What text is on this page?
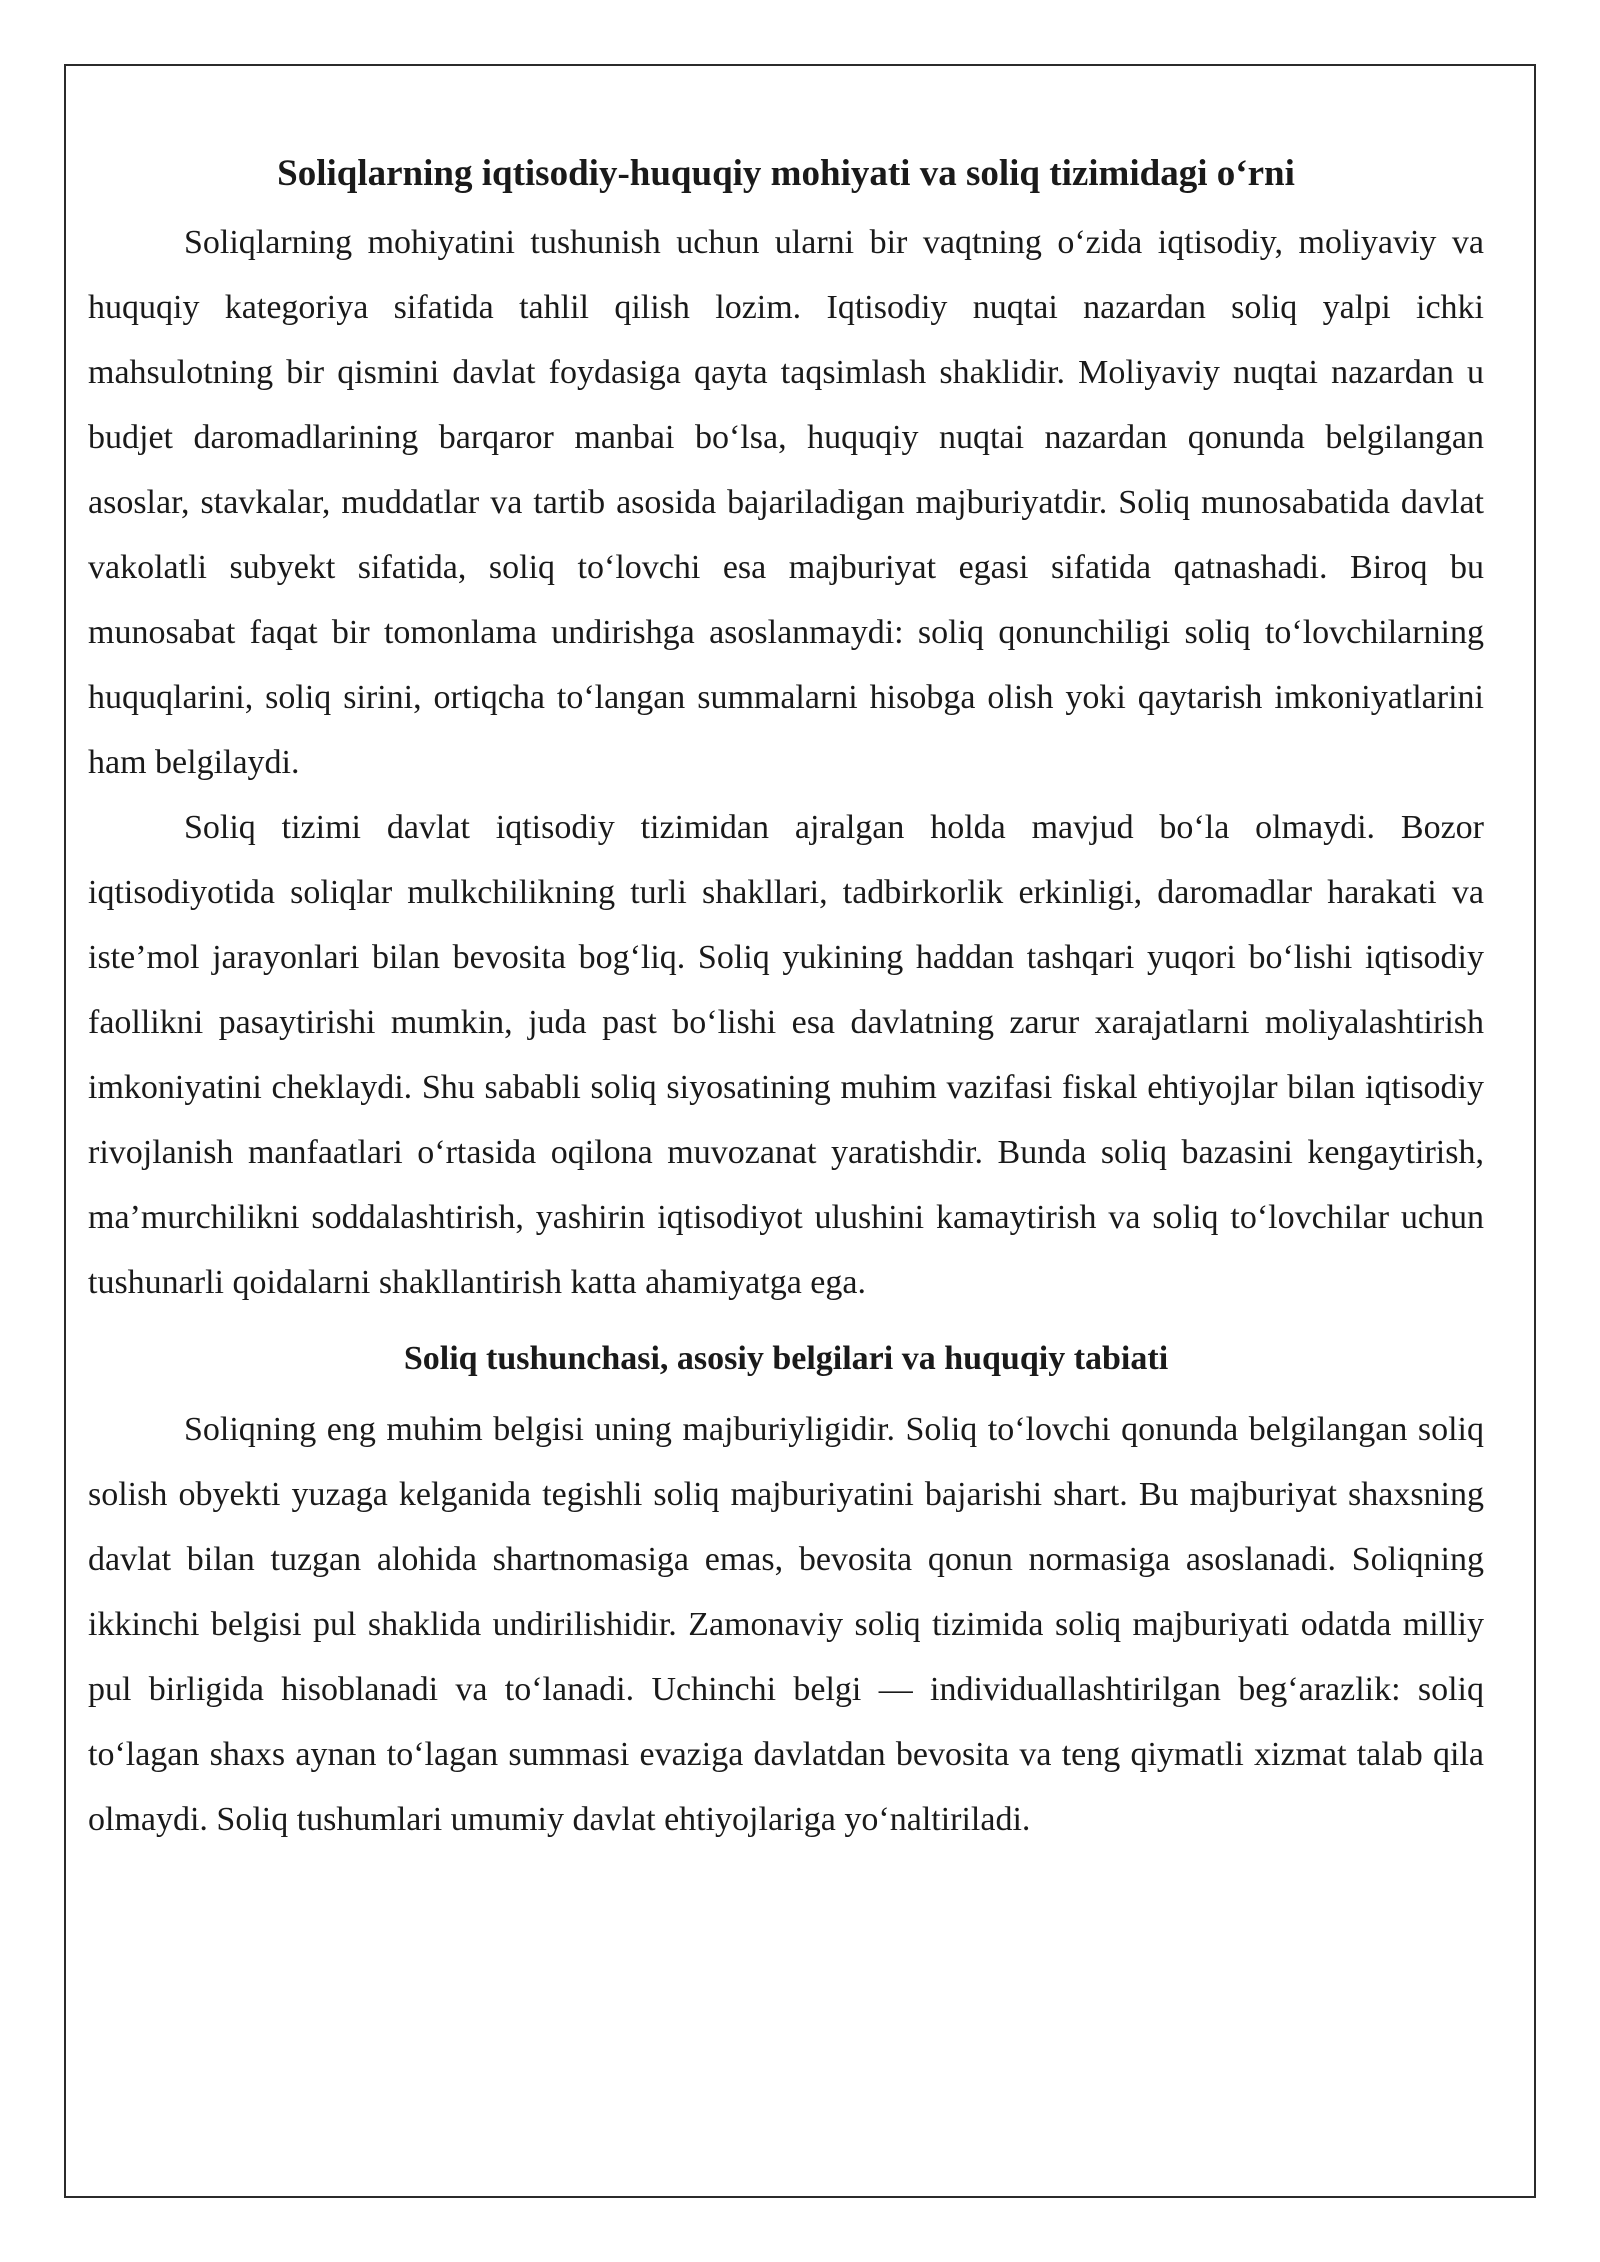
Soliqlarning iqtisodiy-huquqiy mohiyati va soliq tizimidagi o‘rni

Soliqlarning mohiyatini tushunish uchun ularni bir vaqtning o‘zida iqtisodiy, moliyaviy va huquqiy kategoriya sifatida tahlil qilish lozim. Iqtisodiy nuqtai nazardan soliq yalpi ichki mahsulotning bir qismini davlat foydasiga qayta taqsimlash shaklidir. Moliyaviy nuqtai nazardan u budjet daromadlarining barqaror manbai bo‘lsa, huquqiy nuqtai nazardan qonunda belgilangan asoslar, stavkalar, muddatlar va tartib asosida bajariladigan majburiyatdir. Soliq munosabatida davlat vakolatli subyekt sifatida, soliq to‘lovchi esa majburiyat egasi sifatida qatnashadi. Biroq bu munosabat faqat bir tomonlama undirishga asoslanmaydi: soliq qonunchiligi soliq to‘lovchilarning huquqlarini, soliq sirini, ortiqcha to‘langan summalarni hisobga olish yoki qaytarish imkoniyatlarini ham belgilaydi.

Soliq tizimi davlat iqtisodiy tizimidan ajralgan holda mavjud bo‘la olmaydi. Bozor iqtisodiyotida soliqlar mulkchilikning turli shakllari, tadbirkorlik erkinligi, daromadlar harakati va iste’mol jarayonlari bilan bevosita bog‘liq. Soliq yukining haddan tashqari yuqori bo‘lishi iqtisodiy faollikni pasaytirishi mumkin, juda past bo‘lishi esa davlatning zarur xarajatlarni moliyalashtirish imkoniyatini cheklaydi. Shu sababli soliq siyosatining muhim vazifasi fiskal ehtiyojlar bilan iqtisodiy rivojlanish manfaatlari o‘rtasida oqilona muvozanat yaratishdir. Bunda soliq bazasini kengaytirish, ma’murchilikni soddalashtirish, yashirin iqtisodiyot ulushini kamaytirish va soliq to‘lovchilar uchun tushunarli qoidalarni shakllantirish katta ahamiyatga ega.

Soliq tushunchasi, asosiy belgilari va huquqiy tabiati

Soliqning eng muhim belgisi uning majburiyligidir. Soliq to‘lovchi qonunda belgilangan soliq solish obyekti yuzaga kelganida tegishli soliq majburiyatini bajarishi shart. Bu majburiyat shaxsning davlat bilan tuzgan alohida shartnomasiga emas, bevosita qonun normasiga asoslanadi. Soliqning ikkinchi belgisi pul shaklida undirilishidir. Zamonaviy soliq tizimida soliq majburiyati odatda milliy pul birligida hisoblanadi va to‘lanadi. Uchinchi belgi — individuallashtirilgan beg‘arazlik: soliq to‘lagan shaxs aynan to‘lagan summasi evaziga davlatdan bevosita va teng qiymatli xizmat talab qila olmaydi. Soliq tushumlari umumiy davlat ehtiyojlariga yo‘naltiriladi.
